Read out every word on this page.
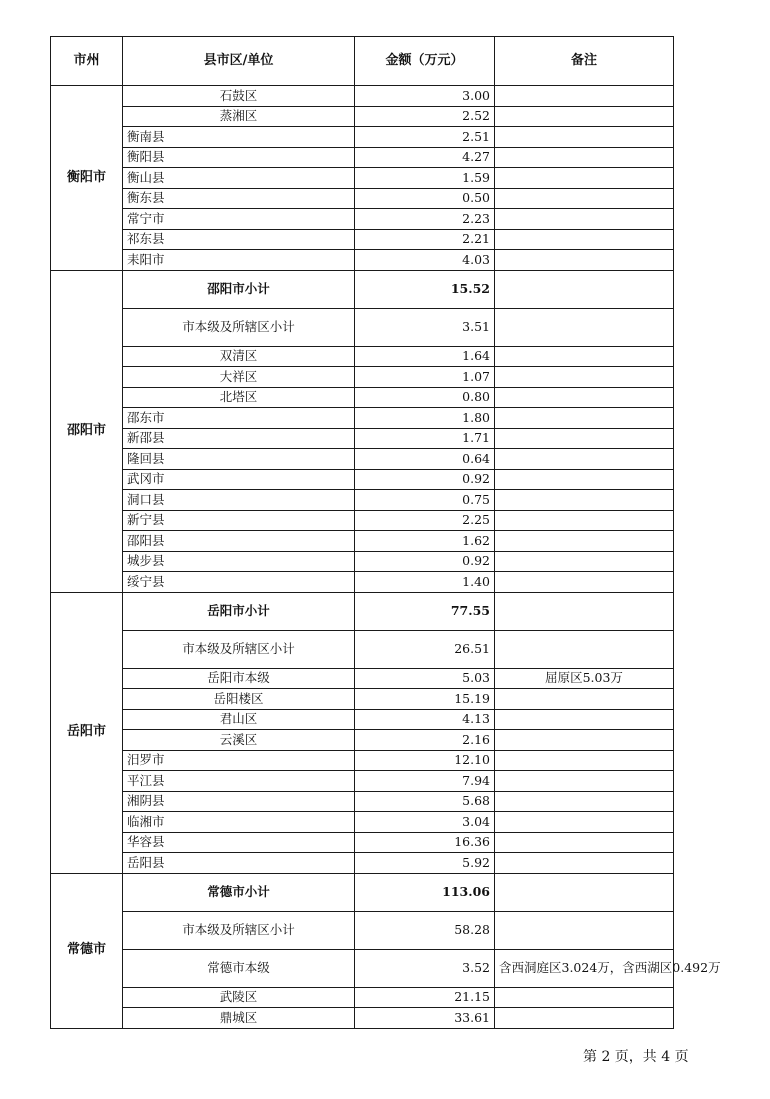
市州	县市区/单位	金额（万元）	备注
衡阳市	石鼓区	3.00	
	蒸湘区	2.52	
	衡南县	2.51	
	衡阳县	4.27	
	衡山县	1.59	
	衡东县	0.50	
	常宁市	2.23	
	祁东县	2.21	
	耒阳市	4.03	
邵阳市	邵阳市小计	15.52	
	市本级及所辖区小计	3.51	
	双清区	1.64	
	大祥区	1.07	
	北塔区	0.80	
	邵东市	1.80	
	新邵县	1.71	
	隆回县	0.64	
	武冈市	0.92	
	洞口县	0.75	
	新宁县	2.25	
	邵阳县	1.62	
	城步县	0.92	
	绥宁县	1.40	
岳阳市	岳阳市小计	77.55	
	市本级及所辖区小计	26.51	
	岳阳市本级	5.03	屈原区5.03万
	岳阳楼区	15.19	
	君山区	4.13	
	云溪区	2.16	
	汨罗市	12.10	
	平江县	7.94	
	湘阴县	5.68	
	临湘市	3.04	
	华容县	16.36	
	岳阳县	5.92	
常德市	常德市小计	113.06	
	市本级及所辖区小计	58.28	
	常德市本级	3.52	含西洞庭区3.024万，含西湖区0.492万
	武陵区	21.15	
	鼎城区	33.61	
第 2 页，共 4 页
